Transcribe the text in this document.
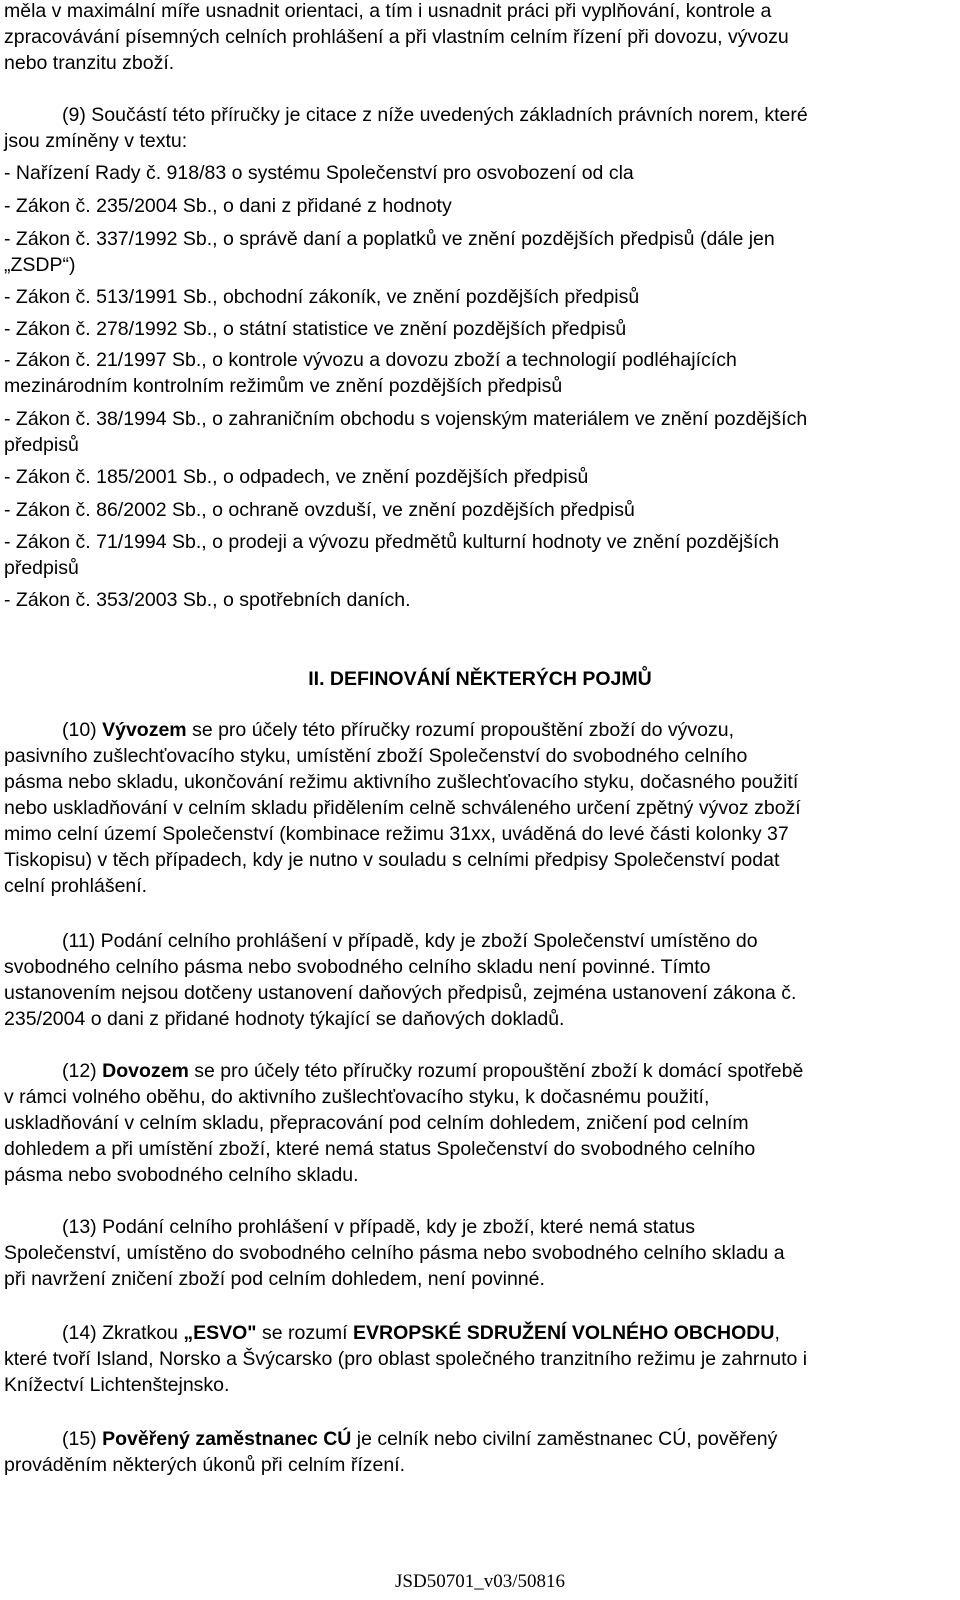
měla v maximální míře usnadnit orientaci, a tím i usnadnit práci při vyplňování, kontrole a
zpracovávání písemných celních prohlášení a při vlastním celním řízení při dovozu, vývozu
nebo tranzitu zboží.
(9) Součástí této příručky je citace z níže uvedených základních právních norem, které
jsou zmíněny v textu:
- Nařízení Rady č. 918/83 o systému Společenství pro osvobození od cla
- Zákon č. 235/2004 Sb., o dani z přidané z hodnoty
- Zákon č. 337/1992 Sb., o správě daní a poplatků ve znění pozdějších předpisů (dále jen
„ZSDP“)
- Zákon č. 513/1991 Sb., obchodní zákoník, ve znění pozdějších předpisů
- Zákon č. 278/1992 Sb., o státní statistice ve znění pozdějších předpisů
- Zákon č. 21/1997 Sb., o kontrole vývozu a dovozu zboží a technologií podléhajících
mezinárodním kontrolním režimům ve znění pozdějších předpisů
- Zákon č. 38/1994 Sb., o zahraničním obchodu s vojenským materiálem ve znění pozdějších
předpisů
- Zákon č. 185/2001 Sb., o odpadech, ve znění pozdějších předpisů
- Zákon č. 86/2002 Sb., o ochraně ovzduší, ve znění pozdějších předpisů
- Zákon č. 71/1994 Sb., o prodeji a vývozu předmětů kulturní hodnoty ve znění pozdějších
předpisů
- Zákon č. 353/2003 Sb., o spotřebních daních.
II. DEFINOVÁNÍ NĚKTERÝCH POJMŮ
(10) Vývozem se pro účely této příručky rozumí propouštění zboží do vývozu,
pasivního zušlechťovacího styku, umístění zboží Společenství do svobodného celního
pásma nebo skladu, ukončování režimu aktivního zušlechťovacího styku, dočasného použití
nebo uskladňování v celním skladu přidělením celně schváleného určení zpětný vývoz zboží
mimo celní území Společenství (kombinace režimu 31xx, uváděná do levé části kolonky 37
Tiskopisu) v těch případech, kdy je nutno v souladu s celními předpisy Společenství podat
celní prohlášení.
(11) Podání celního prohlášení v případě, kdy je zboží Společenství umístěno do
svobodného celního pásma nebo svobodného celního skladu není povinné. Tímto
ustanovením nejsou dotčeny ustanovení daňových předpisů, zejména ustanovení zákona č.
235/2004 o dani z přidané hodnoty týkající se daňových dokladů.
(12) Dovozem se pro účely této příručky rozumí propouštění zboží k domácí spotřebě
v rámci volného oběhu, do aktivního zušlechťovacího styku, k dočasnému použití,
uskladňování v celním skladu, přepracování pod celním dohledem, zničení pod celním
dohledem a při umístění zboží, které nemá status Společenství do svobodného celního
pásma nebo svobodného celního skladu.
(13) Podání celního prohlášení v případě, kdy je zboží, které nemá status
Společenství, umístěno do svobodného celního pásma nebo svobodného celního skladu a
při navržení zničení zboží pod celním dohledem, není povinné.
(14) Zkratkou „ESVO" se rozumí EVROPSKÉ SDRUŽENÍ VOLNÉHO OBCHODU,
které tvoří Island, Norsko a Švýcarsko (pro oblast společného tranzitního režimu je zahrnuto i
Knížectví Lichtenštejnsko.
(15) Pověřený zaměstnanec CÚ je celník nebo civilní zaměstnanec CÚ, pověřený
prováděním některých úkonů při celním řízení.
JSD50701_v03/50816
